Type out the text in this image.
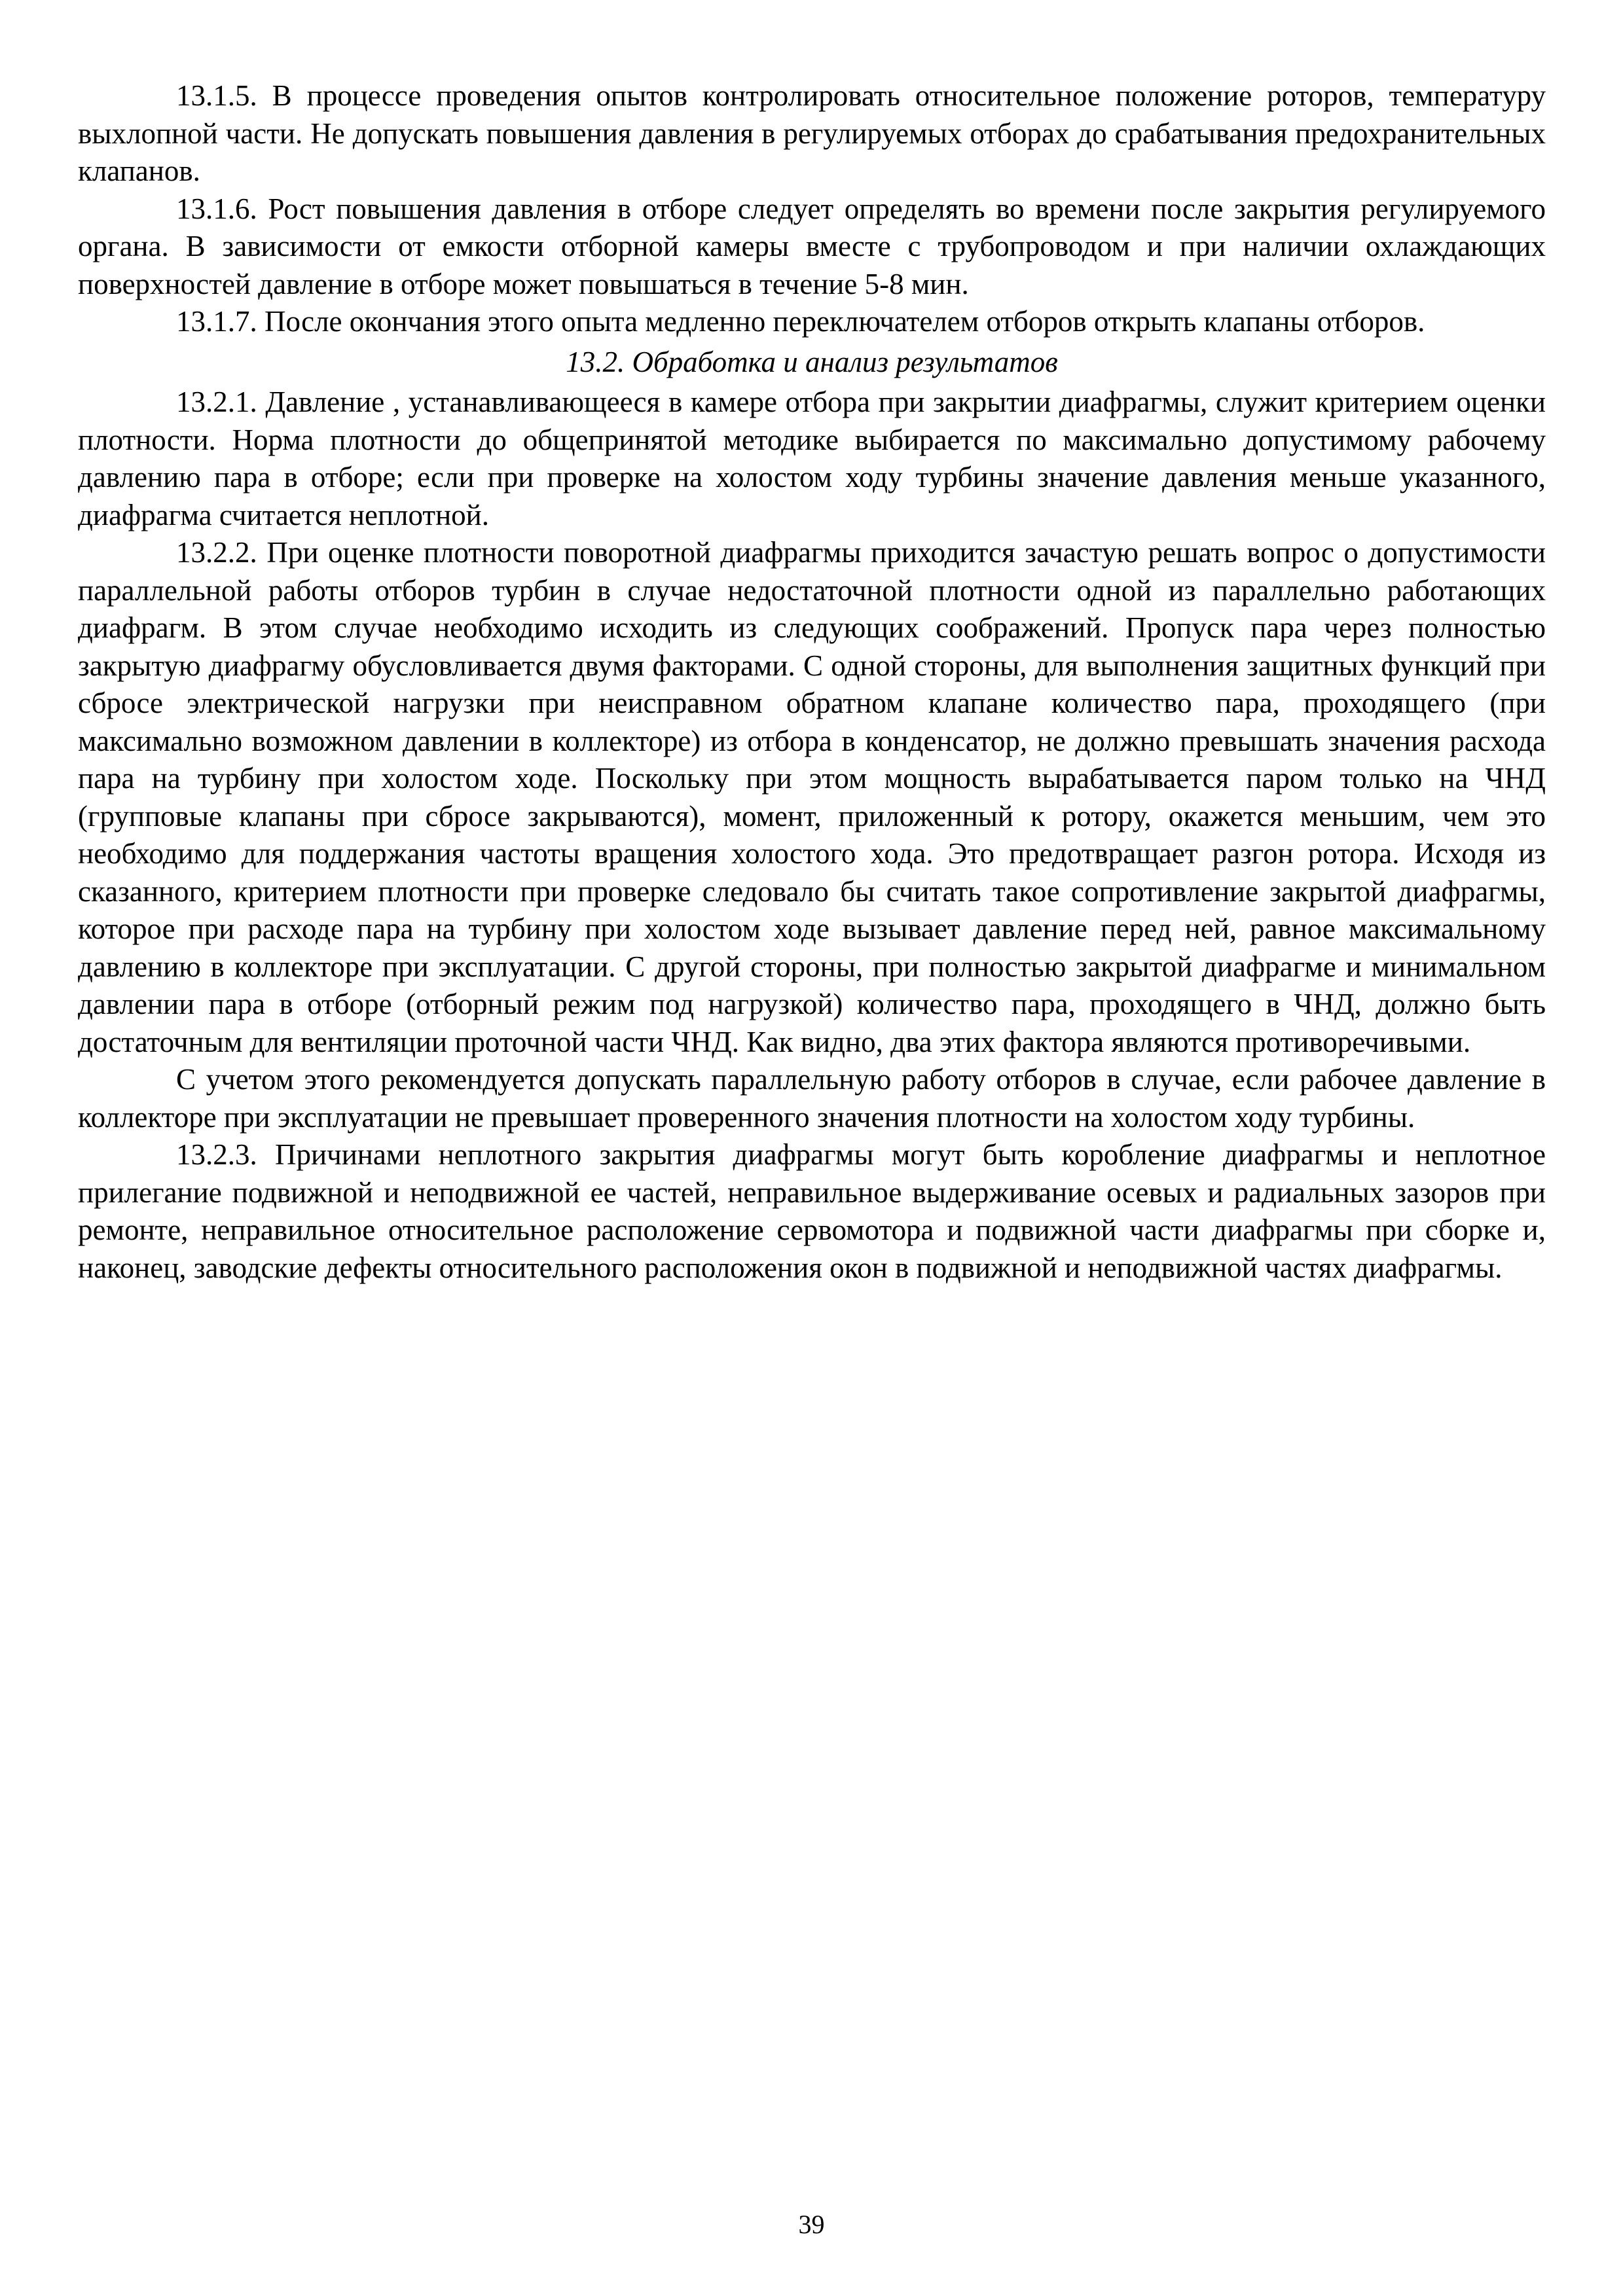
13.1.5. В процессе проведения опытов контролировать относительное положение роторов, температуру выхлопной части. Не допускать повышения давления в регулируемых отборах до срабатывания предохранительных клапанов.

13.1.6. Рост повышения давления в отборе следует определять во времени после закрытия регулируемого органа. В зависимости от емкости отборной камеры вместе с трубопроводом и при наличии охлаждающих поверхностей давление в отборе может повышаться в течение 5-8 мин.

13.1.7. После окончания этого опыта медленно переключателем отборов открыть клапаны отборов.

13.2. Обработка и анализ результатов

13.2.1. Давление , устанавливающееся в камере отбора при закрытии диафрагмы, служит критерием оценки плотности. Норма плотности до общепринятой методике выбирается по максимально допустимому рабочему давлению пара в отборе; если при проверке на холостом ходу турбины значение давления меньше указанного, диафрагма считается неплотной.

13.2.2. При оценке плотности поворотной диафрагмы приходится зачастую решать вопрос о допустимости параллельной работы отборов турбин в случае недостаточной плотности одной из параллельно работающих диафрагм. В этом случае необходимо исходить из следующих соображений. Пропуск пара через полностью закрытую диафрагму обусловливается двумя факторами. С одной стороны, для выполнения защитных функций при сбросе электрической нагрузки при неисправном обратном клапане количество пара, проходящего (при максимально возможном давлении в коллекторе) из отбора в конденсатор, не должно превышать значения расхода пара на турбину при холостом ходе. Поскольку при этом мощность вырабатывается паром только на ЧНД (групповые клапаны при сбросе закрываются), момент, приложенный к ротору, окажется меньшим, чем это необходимо для поддержания частоты вращения холостого хода. Это предотвращает разгон ротора. Исходя из сказанного, критерием плотности при проверке следовало бы считать такое сопротивление закрытой диафрагмы, которое при расходе пара на турбину при холостом ходе вызывает давление перед ней, равное максимальному давлению в коллекторе при эксплуатации. С другой стороны, при полностью закрытой диафрагме и минимальном давлении пара в отборе (отборный режим под нагрузкой) количество пара, проходящего в ЧНД, должно быть достаточным для вентиляции проточной части ЧНД. Как видно, два этих фактора являются противоречивыми.

С учетом этого рекомендуется допускать параллельную работу отборов в случае, если рабочее давление в коллекторе при эксплуатации не превышает проверенного значения плотности на холостом ходу турбины.

13.2.3. Причинами неплотного закрытия диафрагмы могут быть коробление диафрагмы и неплотное прилегание подвижной и неподвижной ее частей, неправильное выдерживание осевых и радиальных зазоров при ремонте, неправильное относительное расположение сервомотора и подвижной части диафрагмы при сборке и, наконец, заводские дефекты относительного расположения окон в подвижной и неподвижной частях диафрагмы.

39
